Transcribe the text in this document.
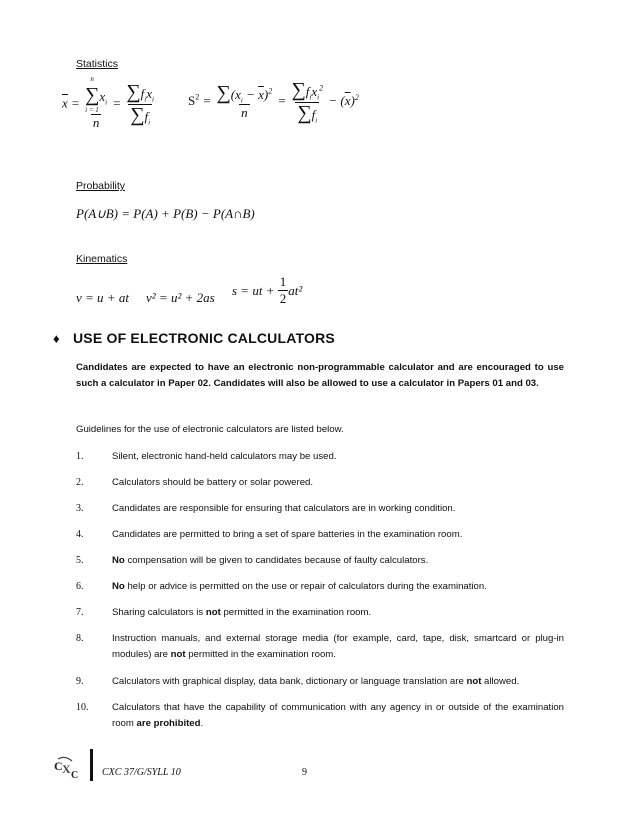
Statistics
$\overline{x} = n$
$\sum x_i$
i = 1
$n = \frac{\sum f_ix_i}{\sum f_i} S^2 = \frac{\sum(x_i - \overline{x})^2}{n} = \frac{\sum f_ix_i^2}{\sum f_i} - (\overline{x})^2$
Probability
P(A∪B) = P(A) + P(B) − P(A∩B)
Kinematics
v = u + at v² = u² + 2as s = ut +
$\frac{1}{2} at^2$
♦ USE OF ELECTRONIC CALCULATORS
Candidates are expected to have an electronic non-programmable calculator and are encouraged to use such a calculator in Paper 02. Candidates will also be allowed to use a calculator in Papers 01 and 03.
Guidelines for the use of electronic calculators are listed below.
1.	Silent, electronic hand-held calculators may be used.
2.	Calculators should be battery or solar powered.
3.	Candidates are responsible for ensuring that calculators are in working condition.
4.	Candidates are permitted to bring a set of spare batteries in the examination room.
5.	No compensation will be given to candidates because of faulty calculators.
6.	No help or advice is permitted on the use or repair of calculators during the examination.
7.	Sharing calculators is not permitted in the examination room.
8.	Instruction manuals, and external storage media (for example, card, tape, disk, smartcard or plug-in modules) are not permitted in the examination room.
9.	Calculators with graphical display, data bank, dictionary or language translation are not allowed.
10. Calculators that have the capability of communication with any agency in or outside of the examination room are prohibited.
C X C CXC 37/G/SYLL 10	9
